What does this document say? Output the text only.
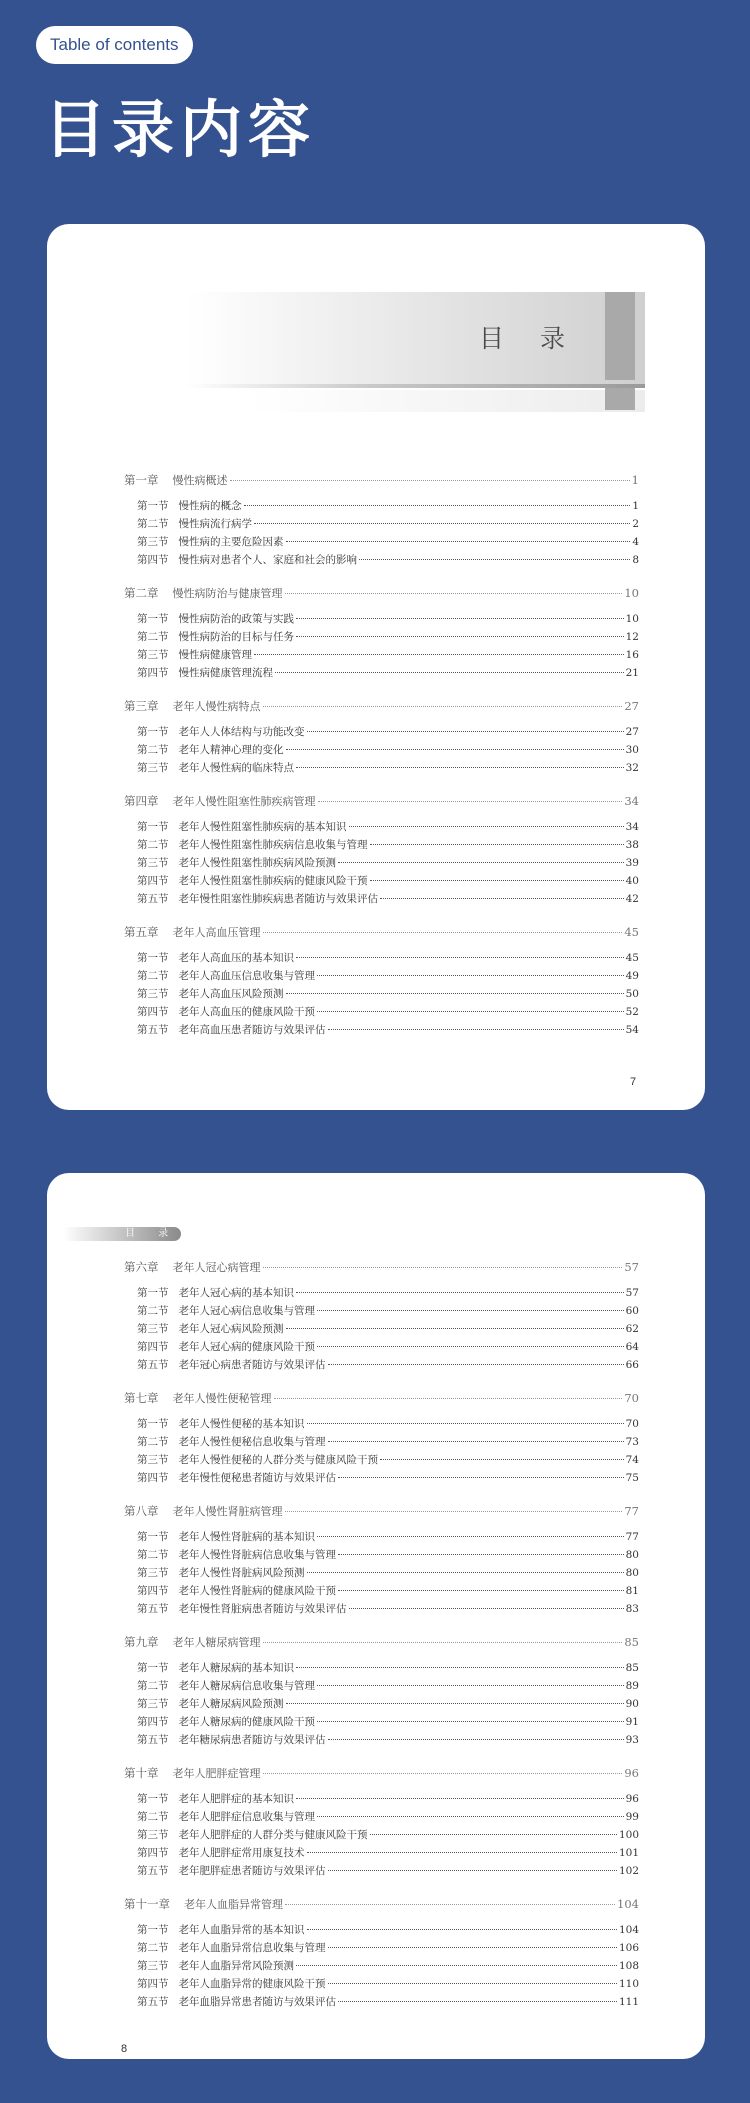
Table of contents
目录内容
目 录
第一章 慢性病概述	1
第一节 慢性病的概念	1
第二节 慢性病流行病学	2
第三节 慢性病的主要危险因素	4
第四节 慢性病对患者个人、家庭和社会的影响	8
第二章 慢性病防治与健康管理	10
第一节 慢性病防治的政策与实践	10
第二节 慢性病防治的目标与任务	12
第三节 慢性病健康管理	16
第四节 慢性病健康管理流程	21
第三章 老年人慢性病特点	27
第一节 老年人人体结构与功能改变	27
第二节 老年人精神心理的变化	30
第三节 老年人慢性病的临床特点	32
第四章 老年人慢性阻塞性肺疾病管理	34
第一节 老年人慢性阻塞性肺疾病的基本知识	34
第二节 老年人慢性阻塞性肺疾病信息收集与管理	38
第三节 老年人慢性阻塞性肺疾病风险预测	39
第四节 老年人慢性阻塞性肺疾病的健康风险干预	40
第五节 老年慢性阻塞性肺疾病患者随访与效果评估	42
第五章 老年人高血压管理	45
第一节 老年人高血压的基本知识	45
第二节 老年人高血压信息收集与管理	49
第三节 老年人高血压风险预测	50
第四节 老年人高血压的健康风险干预	52
第五节 老年高血压患者随访与效果评估	54
7
目 录
第六章 老年人冠心病管理	57
第一节 老年人冠心病的基本知识	57
第二节 老年人冠心病信息收集与管理	60
第三节 老年人冠心病风险预测	62
第四节 老年人冠心病的健康风险干预	64
第五节 老年冠心病患者随访与效果评估	66
第七章 老年人慢性便秘管理	70
第一节 老年人慢性便秘的基本知识	70
第二节 老年人慢性便秘信息收集与管理	73
第三节 老年人慢性便秘的人群分类与健康风险干预	74
第四节 老年慢性便秘患者随访与效果评估	75
第八章 老年人慢性肾脏病管理	77
第一节 老年人慢性肾脏病的基本知识	77
第二节 老年人慢性肾脏病信息收集与管理	80
第三节 老年人慢性肾脏病风险预测	80
第四节 老年人慢性肾脏病的健康风险干预	81
第五节 老年慢性肾脏病患者随访与效果评估	83
第九章 老年人糖尿病管理	85
第一节 老年人糖尿病的基本知识	85
第二节 老年人糖尿病信息收集与管理	89
第三节 老年人糖尿病风险预测	90
第四节 老年人糖尿病的健康风险干预	91
第五节 老年糖尿病患者随访与效果评估	93
第十章 老年人肥胖症管理	96
第一节 老年人肥胖症的基本知识	96
第二节 老年人肥胖症信息收集与管理	99
第三节 老年人肥胖症的人群分类与健康风险干预	100
第四节 老年人肥胖症常用康复技术	101
第五节 老年肥胖症患者随访与效果评估	102
第十一章 老年人血脂异常管理	104
第一节 老年人血脂异常的基本知识	104
第二节 老年人血脂异常信息收集与管理	106
第三节 老年人血脂异常风险预测	108
第四节 老年人血脂异常的健康风险干预	110
第五节 老年血脂异常患者随访与效果评估	111
8
